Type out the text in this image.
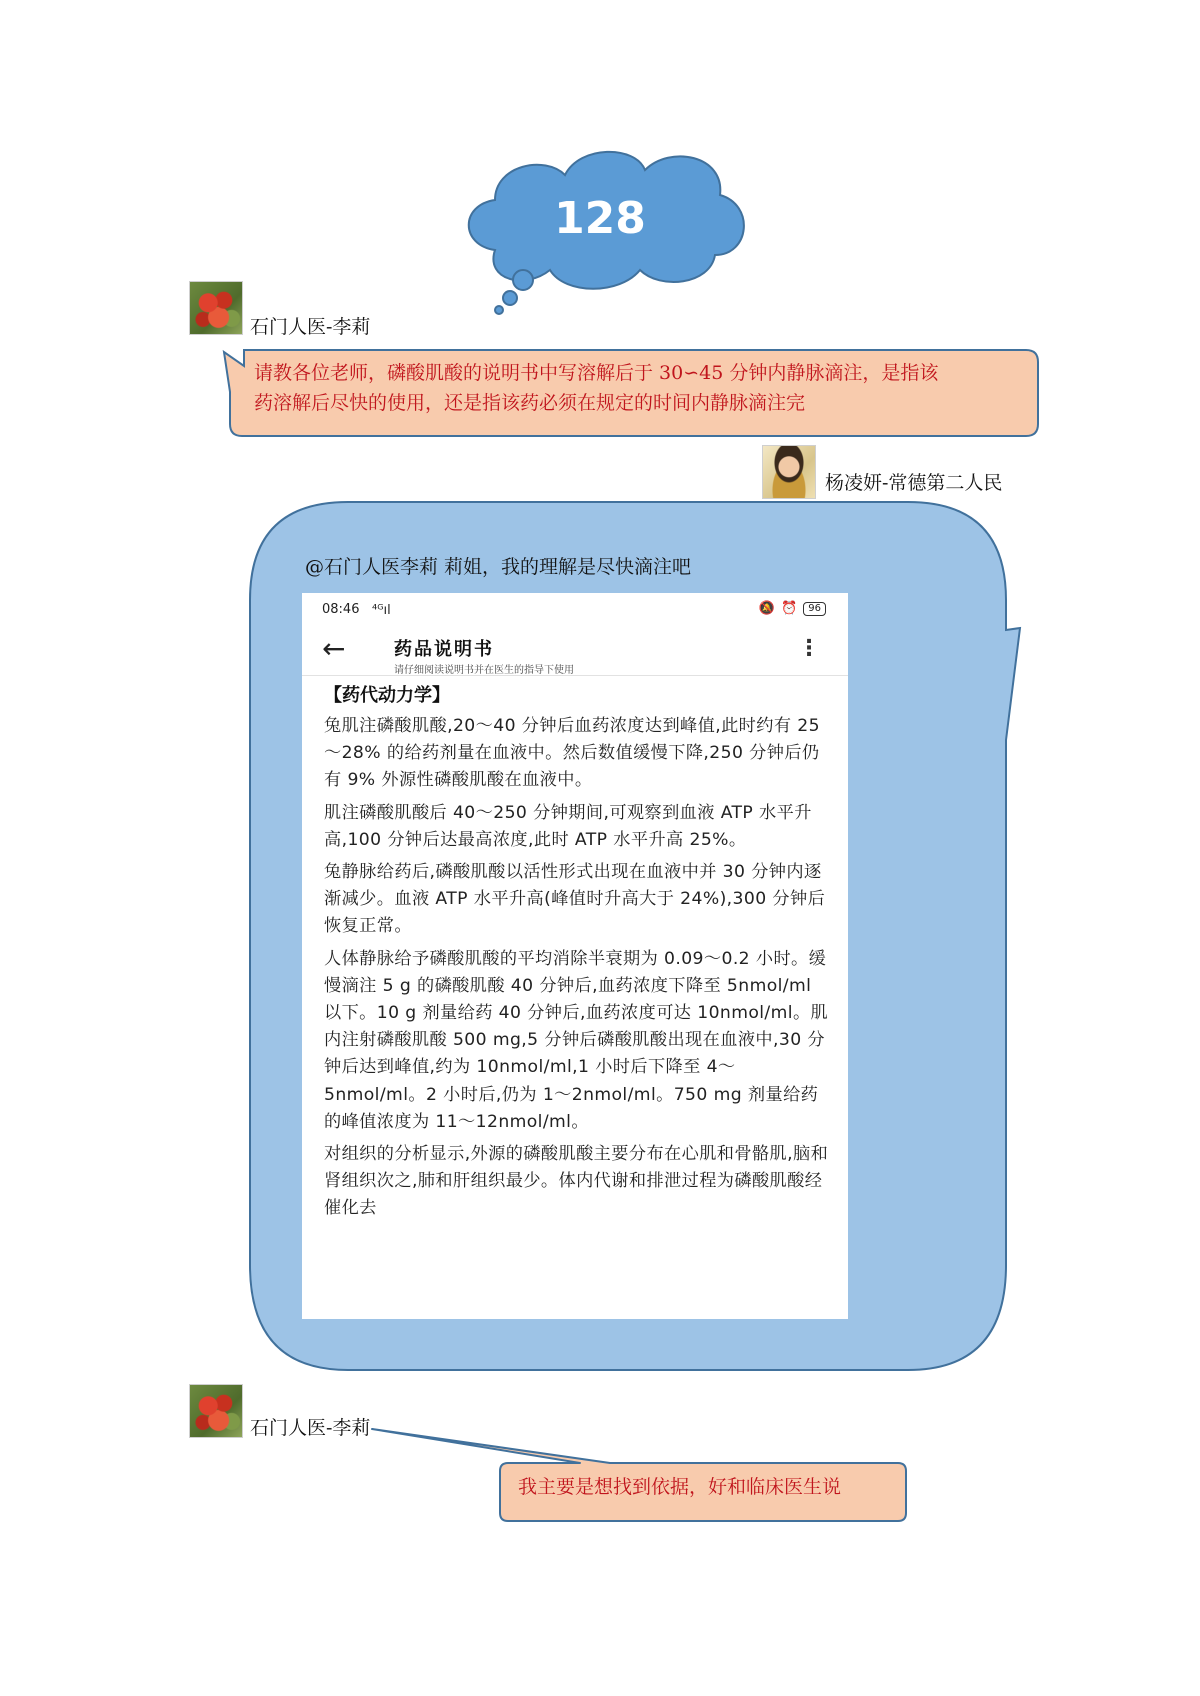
128
石门人医-李莉
请教各位老师，磷酸肌酸的说明书中写溶解后于 30∽45 分钟内静脉滴注，是指该
药溶解后尽快的使用，还是指该药必须在规定的时间内静脉滴注完
杨凌妍-常德第二人民
@石门人医李莉 莉姐，我的理解是尽快滴注吧
08:46 ⁴ᴳıl	🔕 ⏰	96
←	药品说明书
请仔细阅读说明书并在医生的指导下使用
⋮
【药代动力学】

兔肌注磷酸肌酸,20～40 分钟后血药浓度达到峰值,此时约有 25～28% 的给药剂量在血液中。然后数值缓慢下降,250 分钟后仍有 9% 外源性磷酸肌酸在血液中。

肌注磷酸肌酸后 40～250 分钟期间,可观察到血液 ATP 水平升高,100 分钟后达最高浓度,此时 ATP 水平升高 25%。

兔静脉给药后,磷酸肌酸以活性形式出现在血液中并 30 分钟内逐渐减少。血液 ATP 水平升高(峰值时升高大于 24%),300 分钟后恢复正常。

人体静脉给予磷酸肌酸的平均消除半衰期为 0.09～0.2 小时。缓慢滴注 5 g 的磷酸肌酸 40 分钟后,血药浓度下降至 5nmol/ml 以下。10 g 剂量给药 40 分钟后,血药浓度可达 10nmol/ml。肌内注射磷酸肌酸 500 mg,5 分钟后磷酸肌酸出现在血液中,30 分钟后达到峰值,约为 10nmol/ml,1 小时后下降至 4～5nmol/ml。2 小时后,仍为 1～2nmol/ml。750 mg 剂量给药的峰值浓度为 11～12nmol/ml。

对组织的分析显示,外源的磷酸肌酸主要分布在心肌和骨骼肌,脑和肾组织次之,肺和肝组织最少。体内代谢和排泄过程为磷酸肌酸经催化去

石门人医-李莉
我主要是想找到依据，好和临床医生说
